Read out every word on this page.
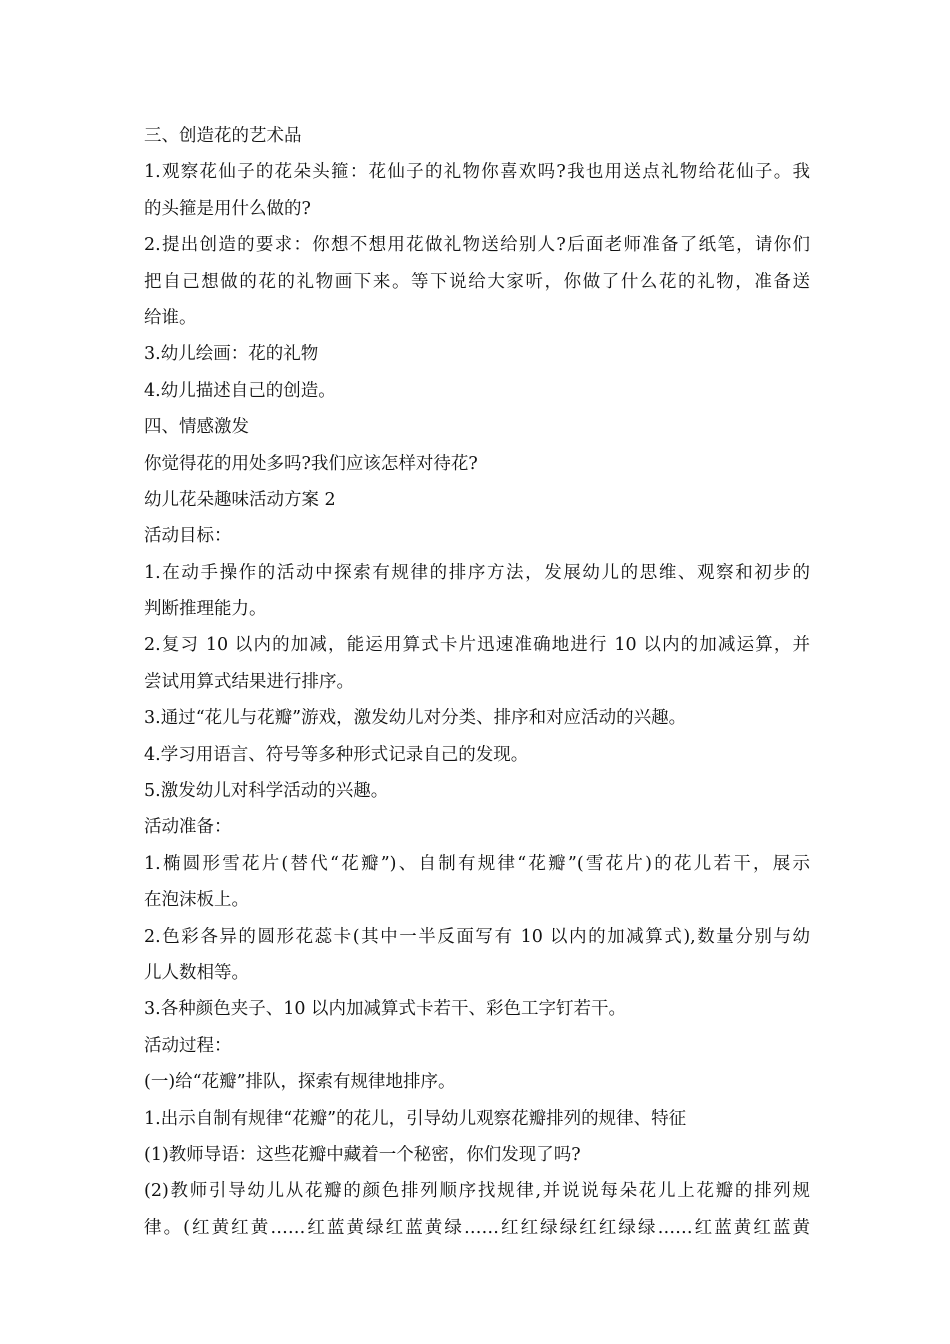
三、创造花的艺术品
1.观察花仙子的花朵头箍：花仙子的礼物你喜欢吗?我也用送点礼物给花仙子。我
的头箍是用什么做的?
2.提出创造的要求：你想不想用花做礼物送给别人?后面老师准备了纸笔，请你们
把自己想做的花的礼物画下来。等下说给大家听，你做了什么花的礼物，准备送
给谁。
3.幼儿绘画：花的礼物
4.幼儿描述自己的创造。
四、情感激发
你觉得花的用处多吗?我们应该怎样对待花?
幼儿花朵趣味活动方案 2
活动目标：
1.在动手操作的活动中探索有规律的排序方法，发展幼儿的思维、观察和初步的
判断推理能力。
2.复习 10 以内的加减，能运用算式卡片迅速准确地进行 10 以内的加减运算，并
尝试用算式结果进行排序。
3.通过“花儿与花瓣”游戏，激发幼儿对分类、排序和对应活动的兴趣。
4.学习用语言、符号等多种形式记录自己的发现。
5.激发幼儿对科学活动的兴趣。
活动准备：
1.椭圆形雪花片(替代“花瓣”)、自制有规律“花瓣”(雪花片)的花儿若干，展示
在泡沫板上。
2.色彩各异的圆形花蕊卡(其中一半反面写有 10 以内的加减算式),数量分别与幼
儿人数相等。
3.各种颜色夹子、10 以内加减算式卡若干、彩色工字钉若干。
活动过程：
(一)给“花瓣”排队，探索有规律地排序。
1.出示自制有规律“花瓣”的花儿，引导幼儿观察花瓣排列的规律、特征
(1)教师导语：这些花瓣中藏着一个秘密，你们发现了吗?
(2)教师引导幼儿从花瓣的颜色排列顺序找规律,并说说每朵花儿上花瓣的排列规
律。(红黄红黄……红蓝黄绿红蓝黄绿……红红绿绿红红绿绿……红蓝黄红蓝黄
